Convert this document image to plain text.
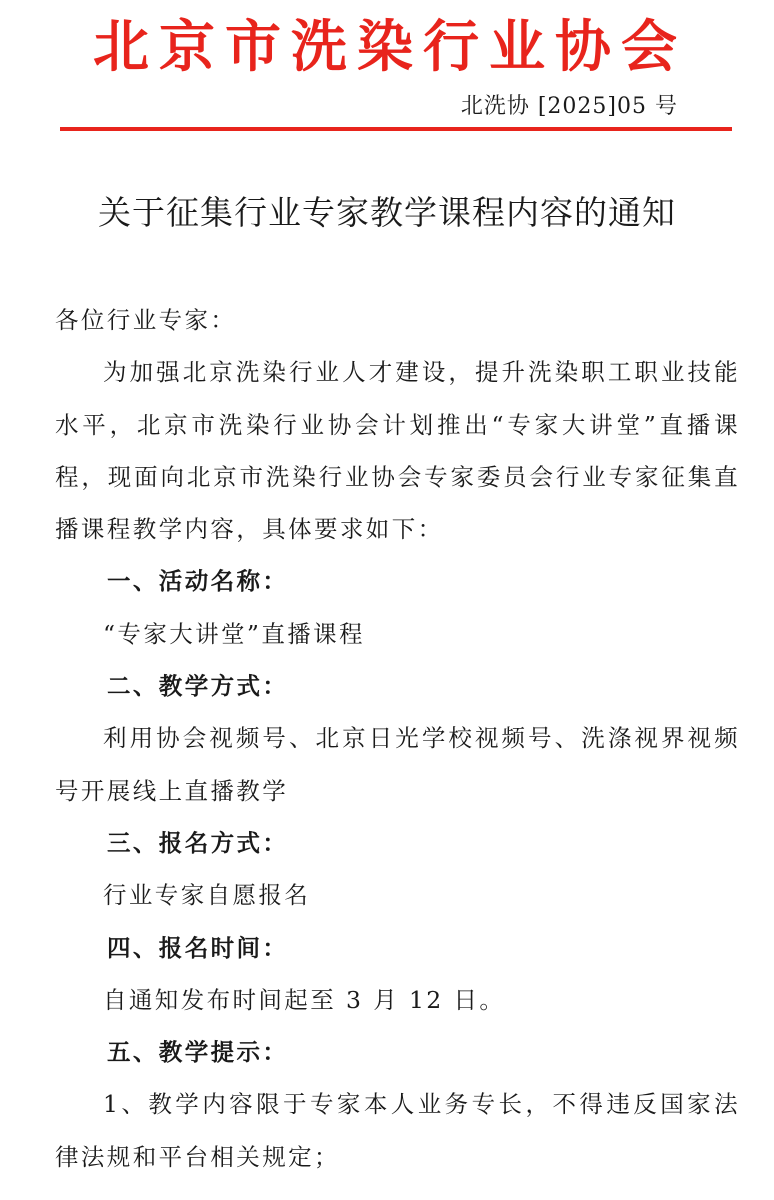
北京市洗染行业协会
北洗协 [2025]05 号
关于征集行业专家教学课程内容的通知

各位行业专家：

为加强北京洗染行业人才建设，提升洗染职工职业技能水平，北京市洗染行业协会计划推出“专家大讲堂”直播课程，现面向北京市洗染行业协会专家委员会行业专家征集直播课程教学内容，具体要求如下：

一、活动名称：

“专家大讲堂”直播课程

二、教学方式：

利用协会视频号、北京日光学校视频号、洗涤视界视频号开展线上直播教学

三、报名方式：

行业专家自愿报名

四、报名时间：

自通知发布时间起至 3 月 12 日。

五、教学提示：

1、教学内容限于专家本人业务专长，不得违反国家法律法规和平台相关规定；
